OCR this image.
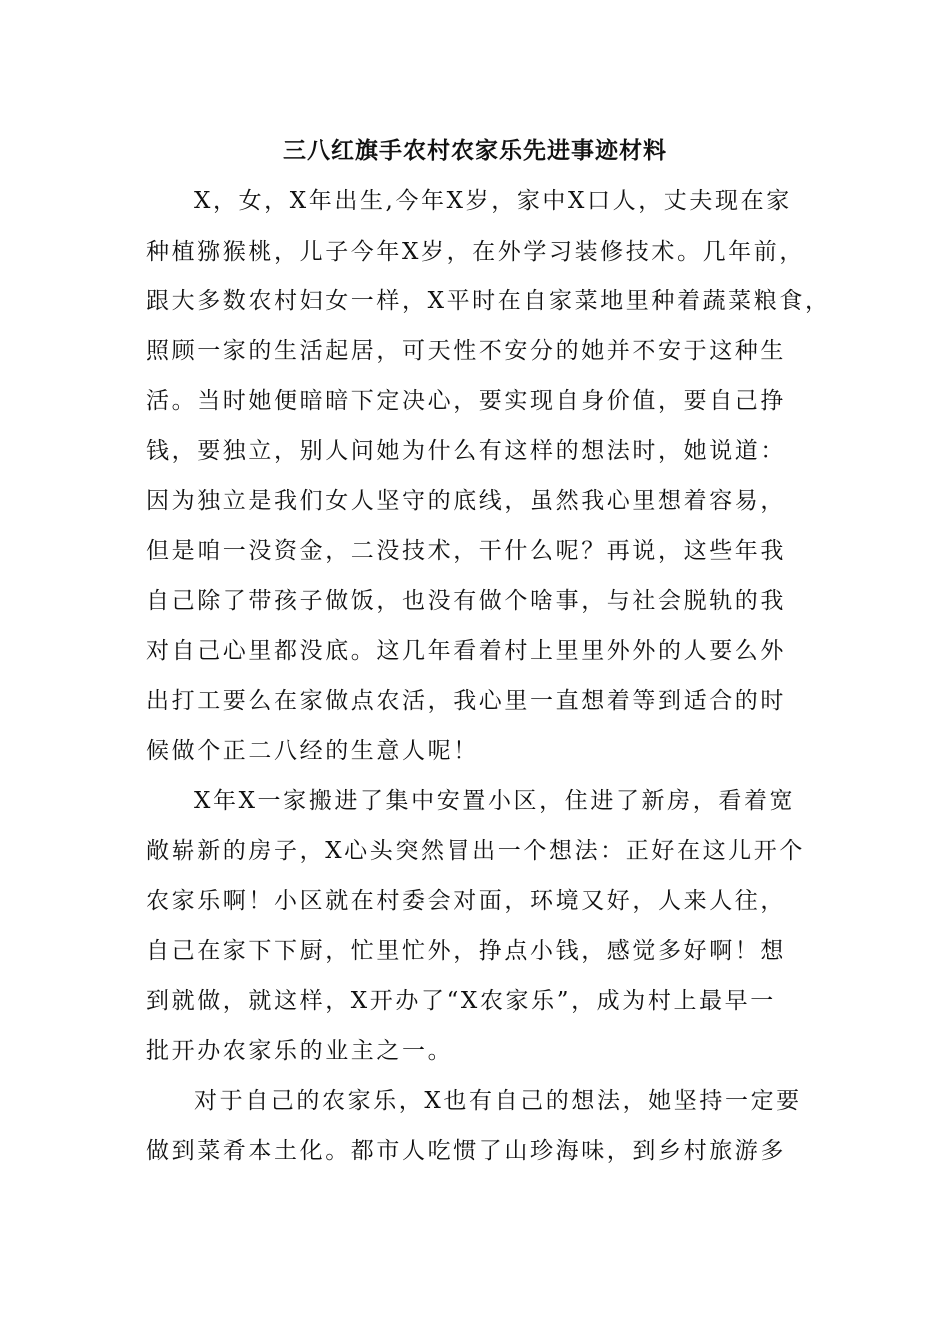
三八红旗手农村农家乐先进事迹材料

X，女，X年出生,今年X岁，家中X口人，丈夫现在家

种植猕猴桃，儿子今年X岁，在外学习装修技术。几年前，

跟大多数农村妇女一样，X平时在自家菜地里种着蔬菜粮食，

照顾一家的生活起居，可天性不安分的她并不安于这种生

活。当时她便暗暗下定决心，要实现自身价值，要自己挣

钱，要独立，别人问她为什么有这样的想法时，她说道：

因为独立是我们女人坚守的底线，虽然我心里想着容易，

但是咱一没资金，二没技术，干什么呢？再说，这些年我

自己除了带孩子做饭，也没有做个啥事，与社会脱轨的我

对自己心里都没底。这几年看着村上里里外外的人要么外

出打工要么在家做点农活，我心里一直想着等到适合的时

候做个正二八经的生意人呢！

X年X一家搬进了集中安置小区，住进了新房，看着宽

敞崭新的房子，X心头突然冒出一个想法：正好在这儿开个

农家乐啊！小区就在村委会对面，环境又好，人来人往，

自己在家下下厨，忙里忙外，挣点小钱，感觉多好啊！想

到就做，就这样，X开办了“X农家乐”，成为村上最早一

批开办农家乐的业主之一。

对于自己的农家乐，X也有自己的想法，她坚持一定要

做到菜肴本土化。都市人吃惯了山珍海味，到乡村旅游多
